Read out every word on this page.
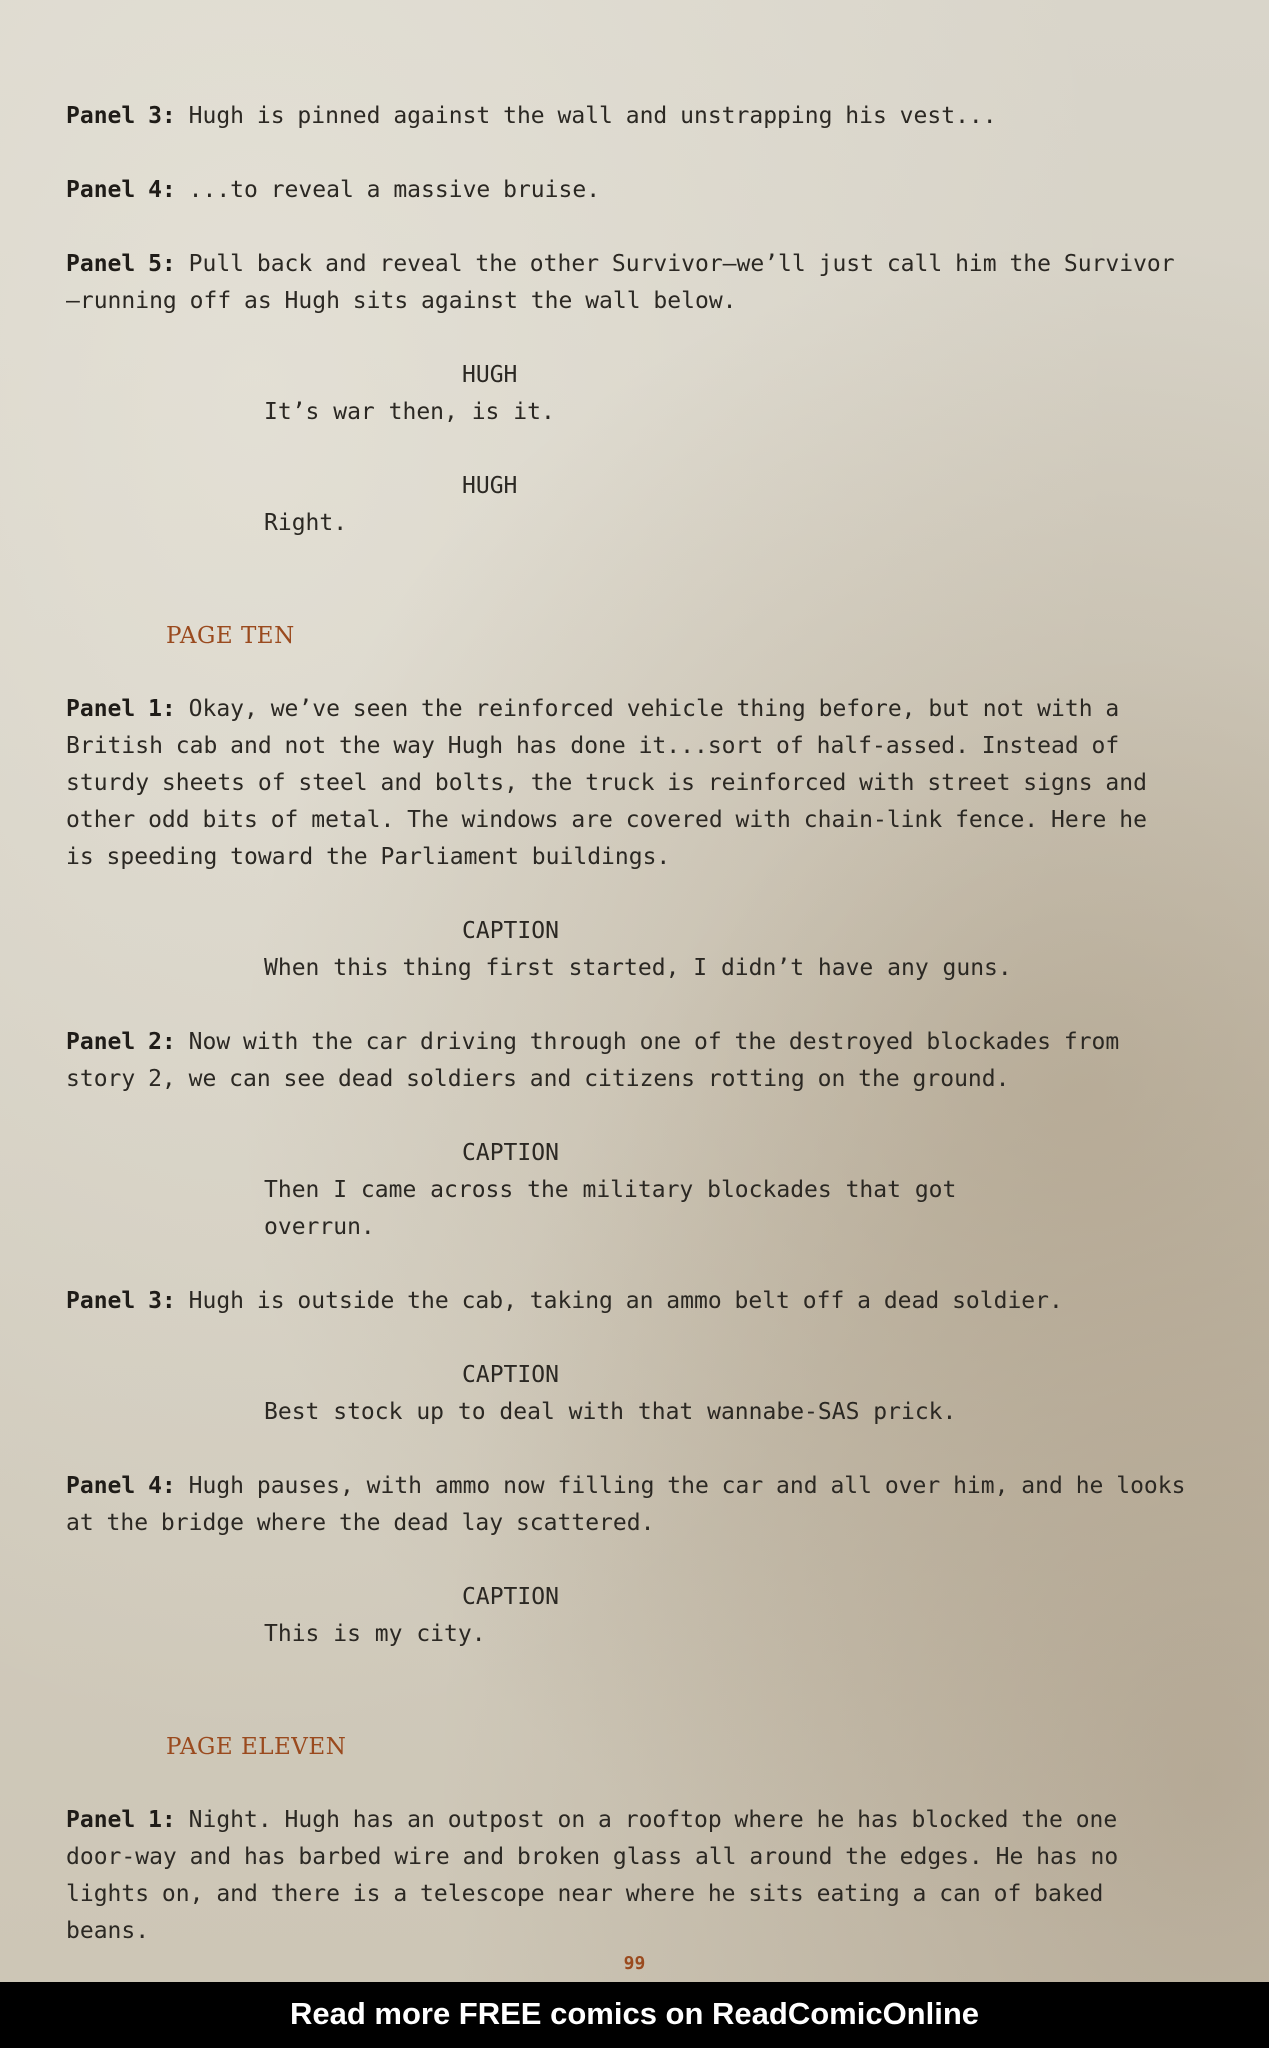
Panel 3: Hugh is pinned against the wall and unstrapping his vest...
Panel 4: ...to reveal a massive bruise.
Panel 5: Pull back and reveal the other Survivor—we’ll just call him the Survivor—running off as Hugh sits against the wall below.
HUGH
It’s war then, is it.
HUGH
Right.
PAGE TEN
Panel 1: Okay, we’ve seen the reinforced vehicle thing before, but not with a British cab and not the way Hugh has done it...sort of half-assed. Instead of sturdy sheets of steel and bolts, the truck is reinforced with street signs and other odd bits of metal. The windows are covered with chain-link fence. Here he is speeding toward the Parliament buildings.
CAPTION
When this thing first started, I didn’t have any guns.
Panel 2: Now with the car driving through one of the destroyed blockades from story 2, we can see dead soldiers and citizens rotting on the ground.
CAPTION
Then I came across the military blockades that got overrun.
Panel 3: Hugh is outside the cab, taking an ammo belt off a dead soldier.
CAPTION
Best stock up to deal with that wannabe-SAS prick.
Panel 4: Hugh pauses, with ammo now filling the car and all over him, and he looks at the bridge where the dead lay scattered.
CAPTION
This is my city.
PAGE ELEVEN
Panel 1: Night. Hugh has an outpost on a rooftop where he has blocked the one door-way and has barbed wire and broken glass all around the edges. He has no lights on, and there is a telescope near where he sits eating a can of baked beans.
99
Read more FREE comics on ReadComicOnline
